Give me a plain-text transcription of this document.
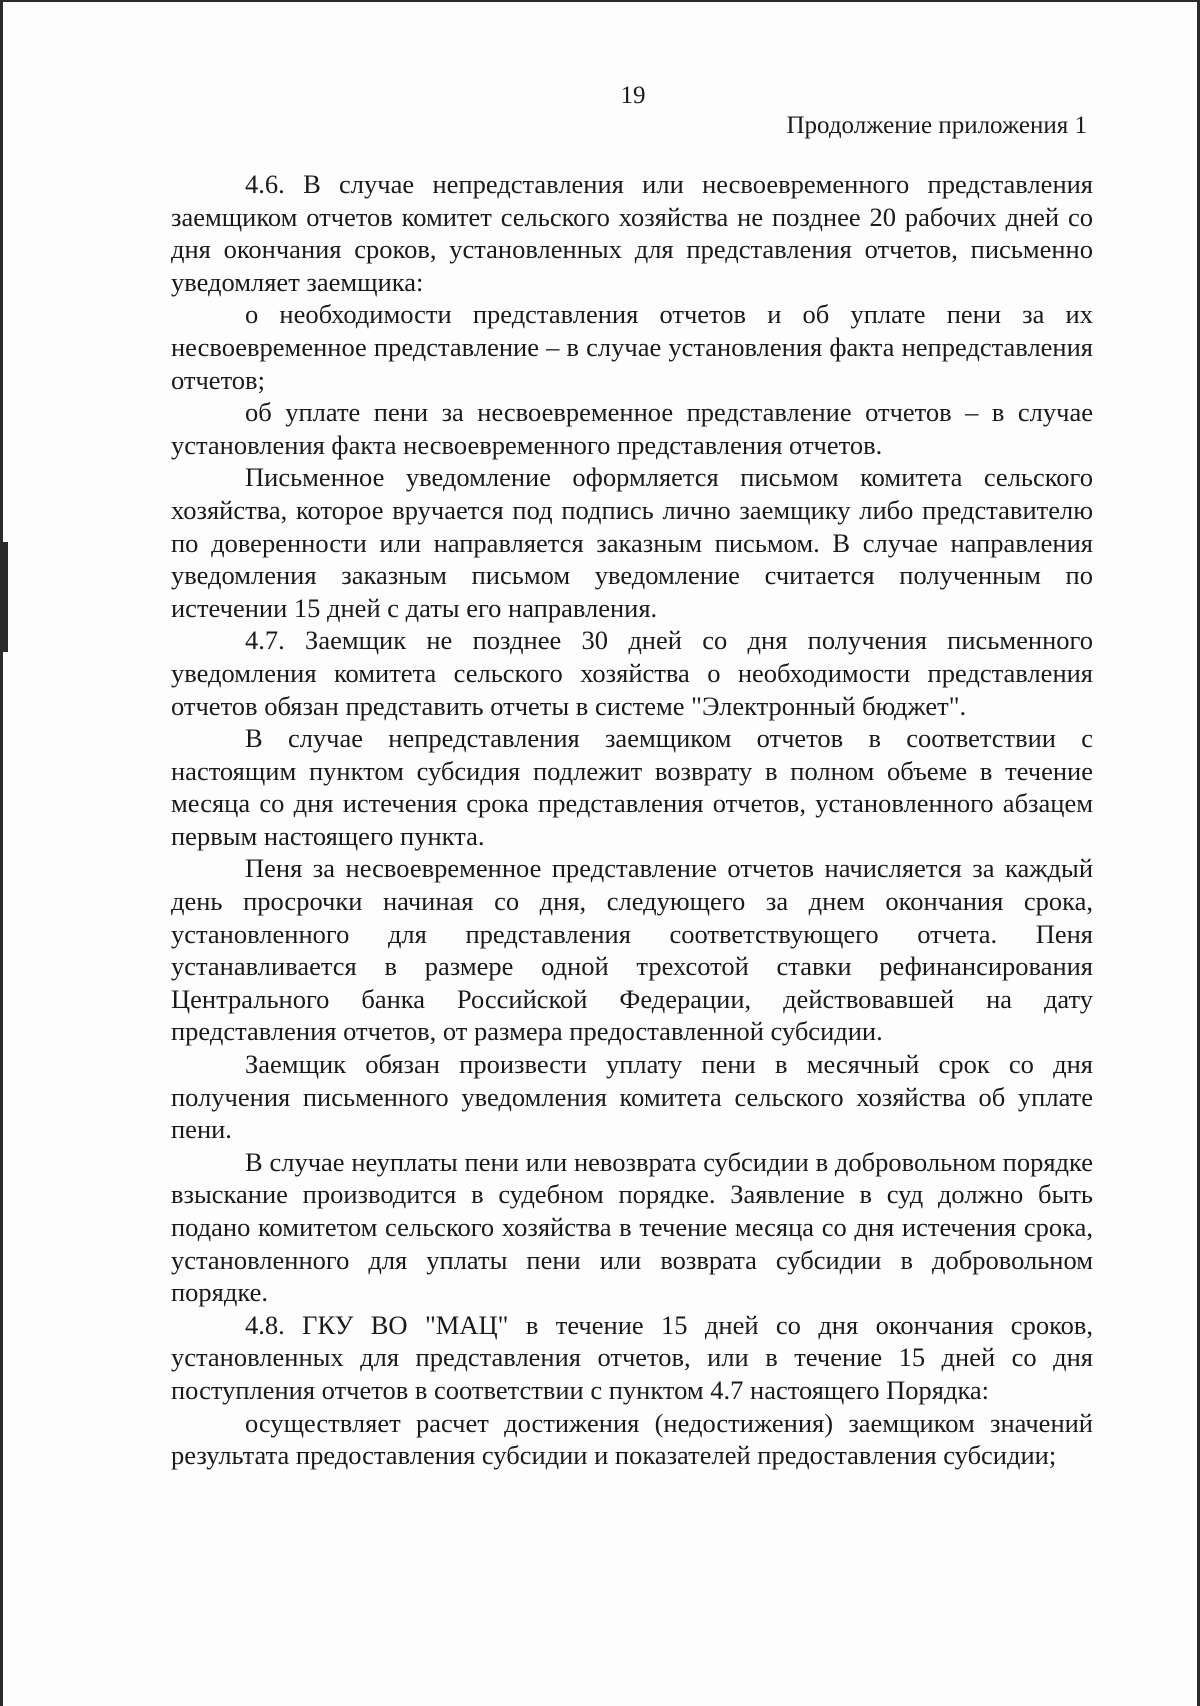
19
Продолжение приложения 1

4.6. В случае непредставления или несвоевременного представления заемщиком отчетов комитет сельского хозяйства не позднее 20 рабочих дней со дня окончания сроков, установленных для представления отчетов, письменно уведомляет заемщика:

о необходимости представления отчетов и об уплате пени за их несвоевременное представление – в случае установления факта непредставления отчетов;

об уплате пени за несвоевременное представление отчетов – в случае установления факта несвоевременного представления отчетов.

Письменное уведомление оформляется письмом комитета сельского хозяйства, которое вручается под подпись лично заемщику либо представителю по доверенности или направляется заказным письмом. В случае направления уведомления заказным письмом уведомление считается полученным по истечении 15 дней с даты его направления.

4.7. Заемщик не позднее 30 дней со дня получения письменного уведомления комитета сельского хозяйства о необходимости представления отчетов обязан представить отчеты в системе "Электронный бюджет".

В случае непредставления заемщиком отчетов в соответствии с настоящим пунктом субсидия подлежит возврату в полном объеме в течение месяца со дня истечения срока представления отчетов, установленного абзацем первым настоящего пункта.

Пеня за несвоевременное представление отчетов начисляется за каждый день просрочки начиная со дня, следующего за днем окончания срока, установленного для представления соответствующего отчета. Пеня устанавливается в размере одной трехсотой ставки рефинансирования Центрального банка Российской Федерации, действовавшей на дату представления отчетов, от размера предоставленной субсидии.

Заемщик обязан произвести уплату пени в месячный срок со дня получения письменного уведомления комитета сельского хозяйства об уплате пени.

В случае неуплаты пени или невозврата субсидии в добровольном порядке взыскание производится в судебном порядке. Заявление в суд должно быть подано комитетом сельского хозяйства в течение месяца со дня истечения срока, установленного для уплаты пени или возврата субсидии в добровольном порядке.

4.8. ГКУ ВО "МАЦ" в течение 15 дней со дня окончания сроков, установленных для представления отчетов, или в течение 15 дней со дня поступления отчетов в соответствии с пунктом 4.7 настоящего Порядка:

осуществляет расчет достижения (недостижения) заемщиком значений результата предоставления субсидии и показателей предоставления субсидии;
